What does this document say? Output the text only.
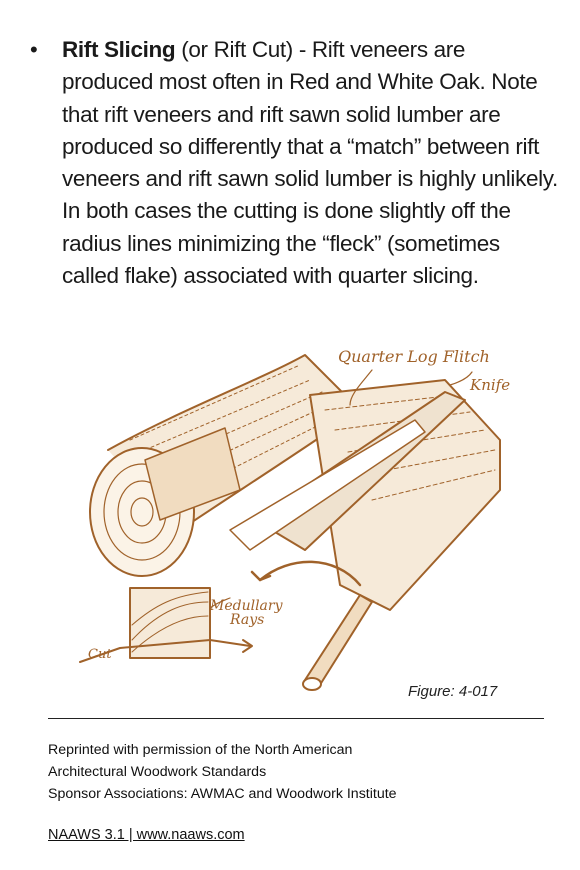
• Rift Slicing (or Rift Cut) - Rift veneers are produced most often in Red and White Oak. Note that rift veneers and rift sawn solid lumber are produced so differently that a “match” between rift veneers and rift sawn solid lumber is highly unlikely. In both cases the cutting is done slightly off the radius lines minimizing the “fleck” (sometimes called flake) associated with quarter slicing.
Quarter Log Flitch
Knife
Medullary
Rays
Cut
Figure: 4-017
Reprinted with permission of the North American
Architectural Woodwork Standards
Sponsor Associations: AWMAC and Woodwork Institute
NAAWS 3.1 | www.naaws.com
